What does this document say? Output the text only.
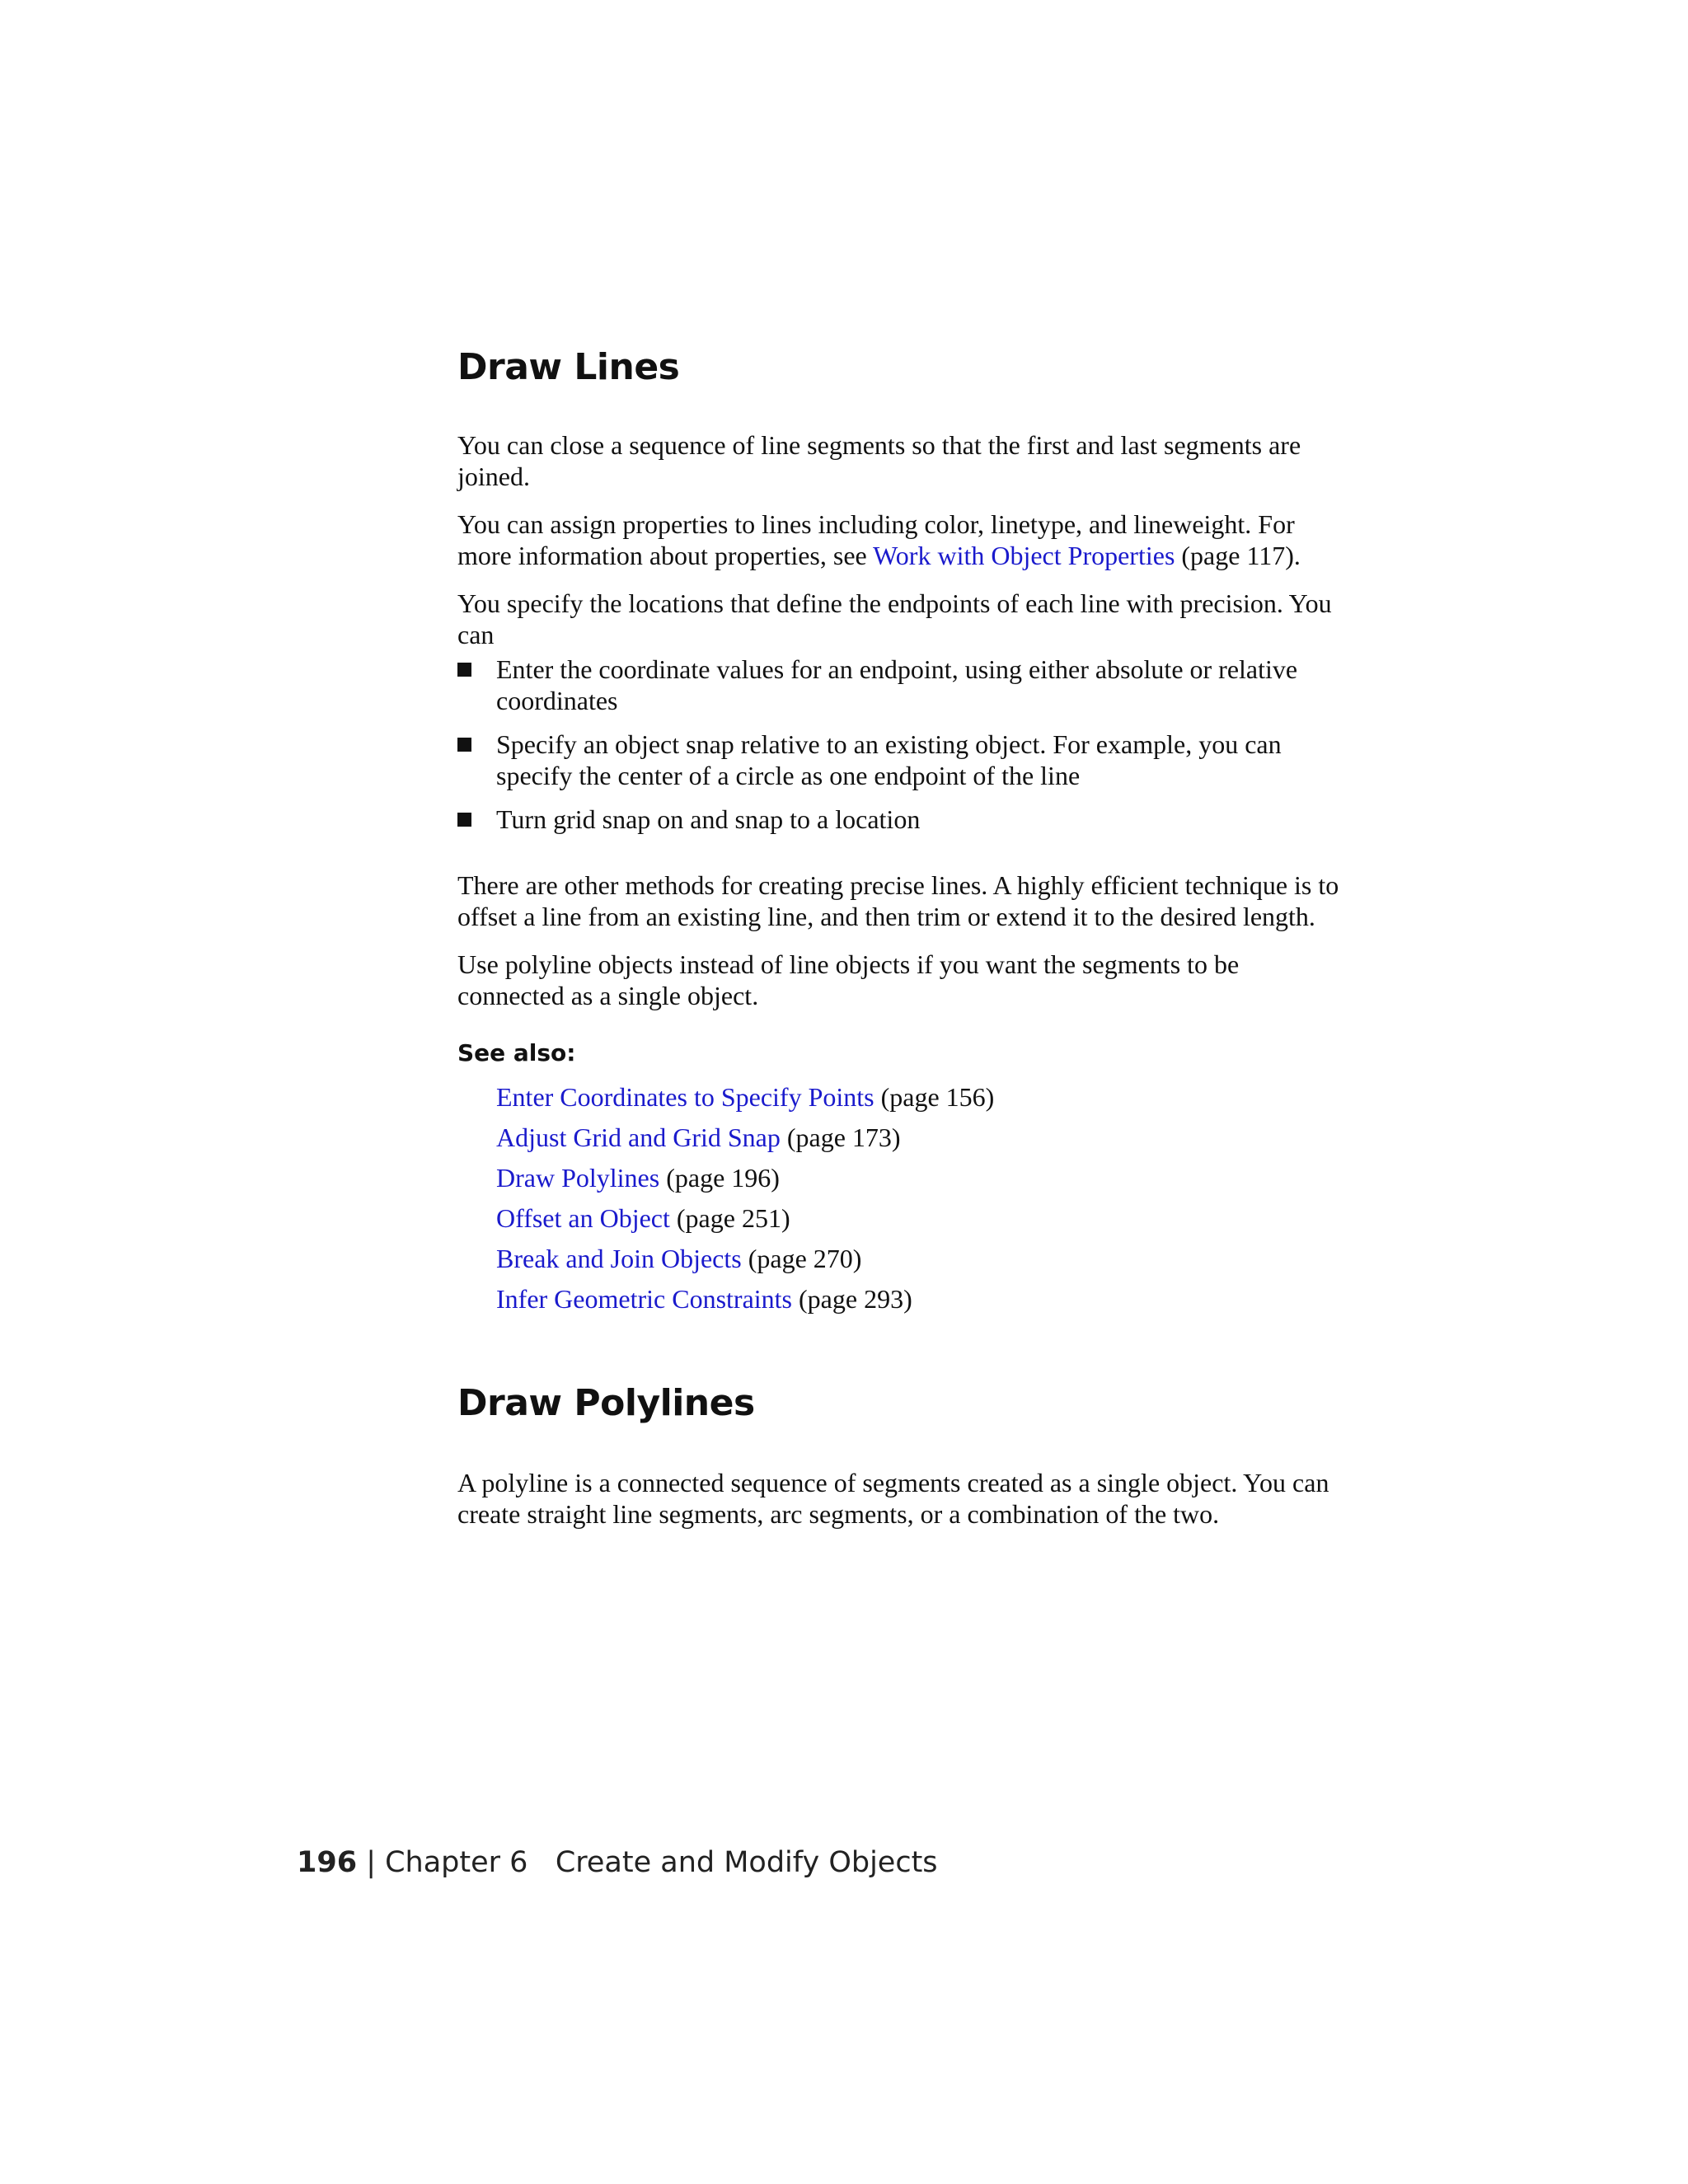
Draw Lines

You can close a sequence of line segments so that the first and last segments are joined.

You can assign properties to lines including color, linetype, and lineweight. For more information about properties, see Work with Object Properties (page 117).

You specify the locations that define the endpoints of each line with precision. You can

Enter the coordinate values for an endpoint, using either absolute or relative coordinates
Specify an object snap relative to an existing object. For example, you can specify the center of a circle as one endpoint of the line
Turn grid snap on and snap to a location

There are other methods for creating precise lines. A highly efficient technique is to offset a line from an existing line, and then trim or extend it to the desired length.

Use polyline objects instead of line objects if you want the segments to be connected as a single object.

See also:
Enter Coordinates to Specify Points (page 156)
Adjust Grid and Grid Snap (page 173)
Draw Polylines (page 196)
Offset an Object (page 251)
Break and Join Objects (page 270)
Infer Geometric Constraints (page 293)
Draw Polylines

A polyline is a connected sequence of segments created as a single object. You can create straight line segments, arc segments, or a combination of the two.

196 | Chapter 6 Create and Modify Objects
